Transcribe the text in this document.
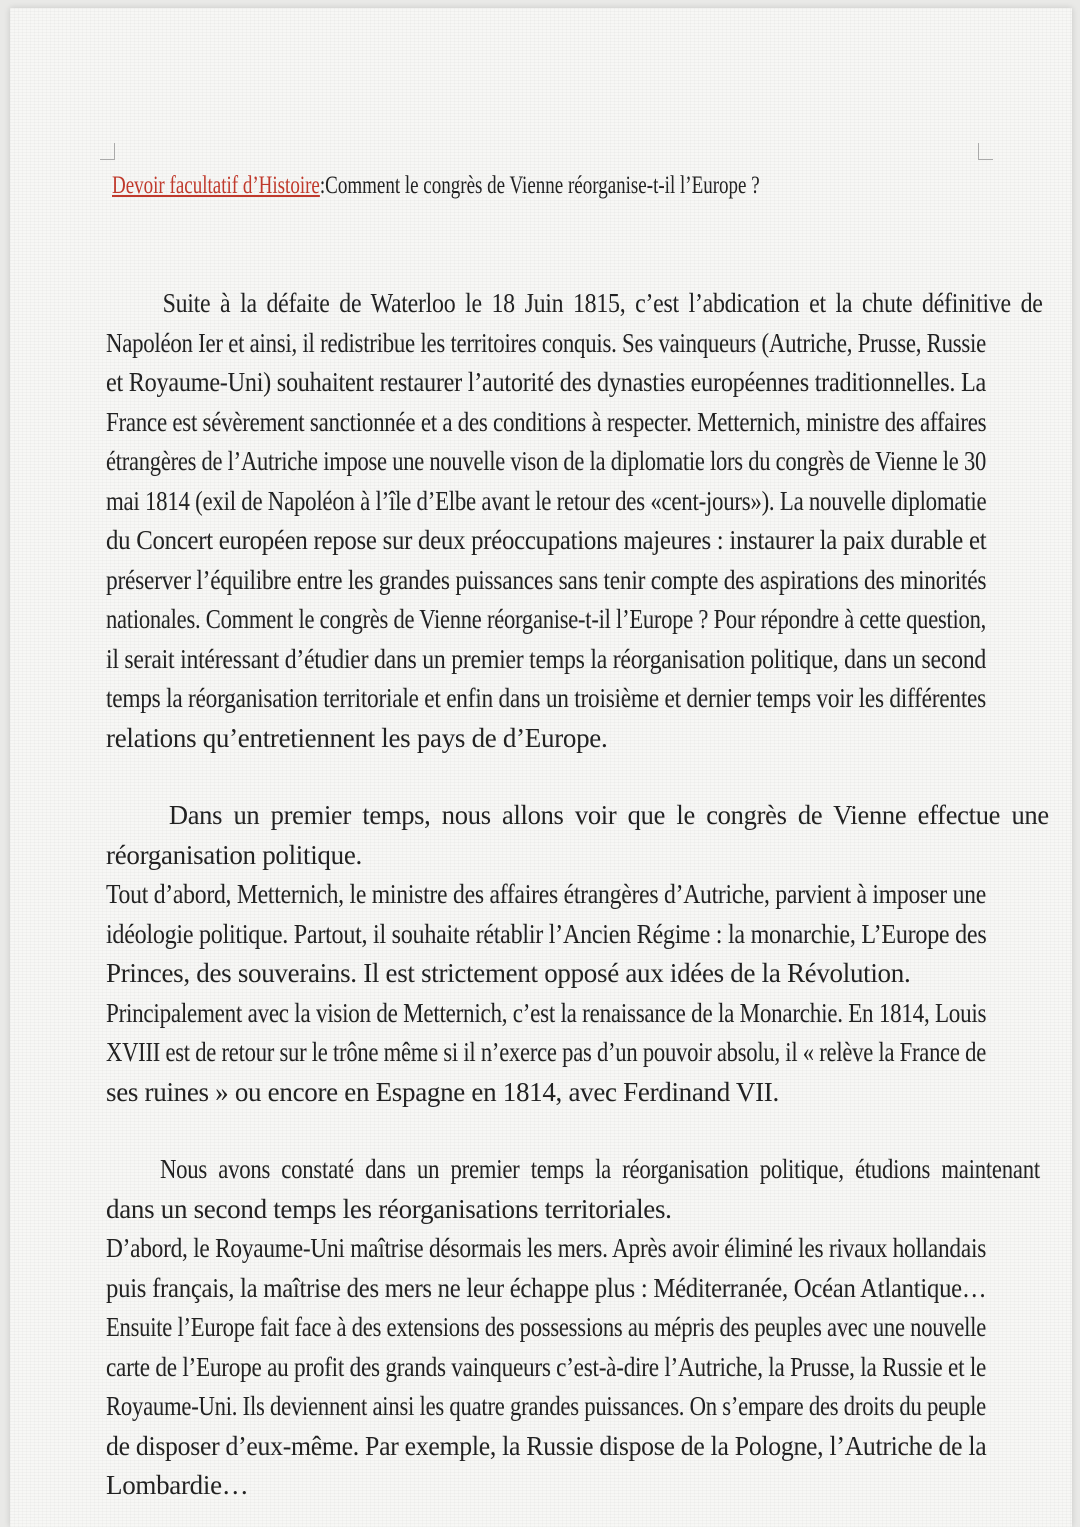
Devoir facultatif d’Histoire:Comment le congrès de Vienne réorganise-t-il l’Europe ?
Suite à la défaite de Waterloo le 18 Juin 1815, c’est l’abdication et la chute définitive de
Napoléon Ier et ainsi, il redistribue les territoires conquis. Ses vainqueurs (Autriche, Prusse, Russie
et Royaume-Uni) souhaitent restaurer l’autorité des dynasties européennes traditionnelles. La
France est sévèrement sanctionnée et a des conditions à respecter. Metternich, ministre des affaires
étrangères de l’Autriche impose une nouvelle vison de la diplomatie lors du congrès de Vienne le 30
mai 1814 (exil de Napoléon à l’île d’Elbe avant le retour des «cent-jours»). La nouvelle diplomatie
du Concert européen repose sur deux préoccupations majeures : instaurer la paix durable et
préserver l’équilibre entre les grandes puissances sans tenir compte des aspirations des minorités
nationales. Comment le congrès de Vienne réorganise-t-il l’Europe ? Pour répondre à cette question,
il serait intéressant d’étudier dans un premier temps la réorganisation politique, dans un second
temps la réorganisation territoriale et enfin dans un troisième et dernier temps voir les différentes
relations qu’entretiennent les pays de d’Europe.
Dans un premier temps, nous allons voir que le congrès de Vienne effectue une
réorganisation politique.
Tout d’abord, Metternich, le ministre des affaires étrangères d’Autriche, parvient à imposer une
idéologie politique. Partout, il souhaite rétablir l’Ancien Régime : la monarchie, L’Europe des
Princes, des souverains. Il est strictement opposé aux idées de la Révolution.
Principalement avec la vision de Metternich, c’est la renaissance de la Monarchie. En 1814, Louis
XVIII est de retour sur le trône même si il n’exerce pas d’un pouvoir absolu, il « relève la France de
ses ruines » ou encore en Espagne en 1814, avec Ferdinand VII.
Nous avons constaté dans un premier temps la réorganisation politique, étudions maintenant
dans un second temps les réorganisations territoriales.
D’abord, le Royaume-Uni maîtrise désormais les mers. Après avoir éliminé les rivaux hollandais
puis français, la maîtrise des mers ne leur échappe plus : Méditerranée, Océan Atlantique…
Ensuite l’Europe fait face à des extensions des possessions au mépris des peuples avec une nouvelle
carte de l’Europe au profit des grands vainqueurs c’est-à-dire l’Autriche, la Prusse, la Russie et le
Royaume-Uni. Ils deviennent ainsi les quatre grandes puissances. On s’empare des droits du peuple
de disposer d’eux-même. Par exemple, la Russie dispose de la Pologne, l’Autriche de la
Lombardie…
